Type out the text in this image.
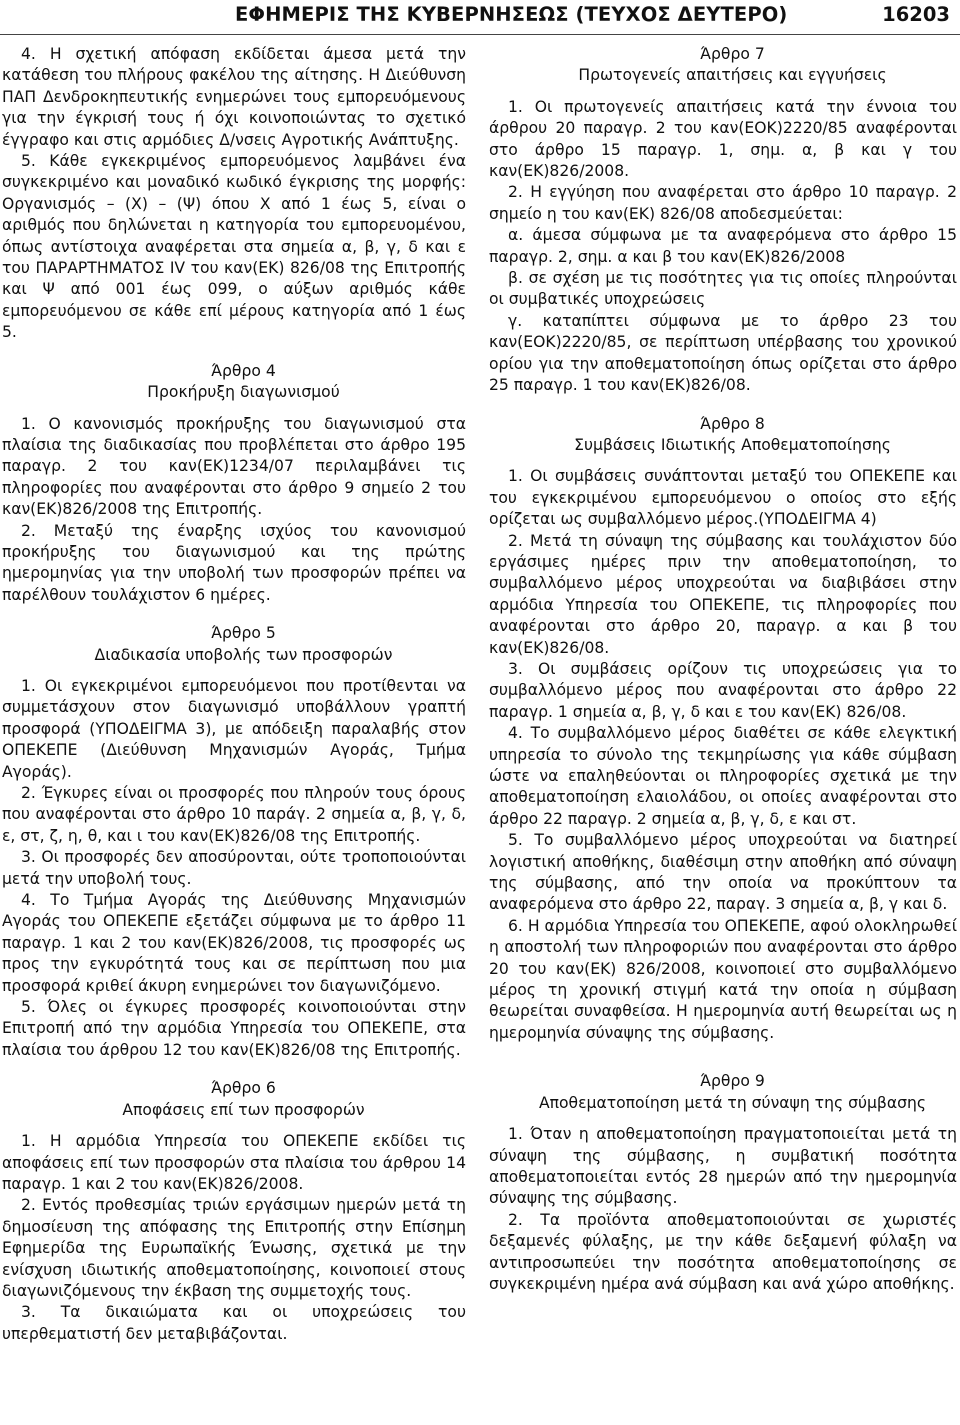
ΕΦΗΜΕΡΙΣ ΤΗΣ ΚΥΒΕΡΝΗΣΕΩΣ (ΤΕΥΧΟΣ ΔΕΥΤΕΡΟ)	16203

4. Η σχετική απόφαση εκδίδεται άμεσα μετά την κατάθεση του πλήρους φακέλου της αίτησης. Η Διεύθυνση ΠΑΠ Δενδροκηπευτικής ενημερώνει τους εμπορευόμενους για την έγκρισή τους ή όχι κοινοποιώντας το σχετικό έγγραφο και στις αρμόδιες Δ/νσεις Αγροτικής Ανάπτυξης.

5. Κάθε εγκεκριμένος εμπορευόμενος λαμβάνει ένα συγκεκριμένο και μοναδικό κωδικό έγκρισης της μορφής: Οργανισμός – (Χ) – (Ψ) όπου Χ από 1 έως 5, είναι ο αριθμός που δηλώνεται η κατηγορία του εμπορευομένου, όπως αντίστοιχα αναφέρεται στα σημεία α, β, γ, δ και ε του ΠΑΡΑΡΤΗΜΑΤΟΣ IV του καν(ΕΚ) 826/08 της Επιτροπής και Ψ από 001 έως 099, ο αύξων αριθμός κάθε εμπορευόμενου σε κάθε επί μέρους κατηγορία από 1 έως 5.

Άρθρο 4

Προκήρυξη διαγωνισμού

1. Ο κανονισμός προκήρυξης του διαγωνισμού στα πλαίσια της διαδικασίας που προβλέπεται στο άρθρο 195 παραγρ. 2 του καν(ΕΚ)1234/07 περιλαμβάνει τις πληροφορίες που αναφέρονται στο άρθρο 9 σημείο 2 του καν(ΕΚ)826/2008 της Επιτροπής.

2. Μεταξύ της έναρξης ισχύος του κανονισμού προκήρυξης του διαγωνισμού και της πρώτης ημερομηνίας για την υποβολή των προσφορών πρέπει να παρέλθουν τουλάχιστον 6 ημέρες.

Άρθρο 5

Διαδικασία υποβολής των προσφορών

1. Οι εγκεκριμένοι εμπορευόμενοι που προτίθενται να συμμετάσχουν στον διαγωνισμό υποβάλλουν γραπτή προσφορά (ΥΠΟΔΕΙΓΜΑ 3), με απόδειξη παραλαβής στον ΟΠΕΚΕΠΕ (Διεύθυνση Μηχανισμών Αγοράς, Τμήμα Αγοράς).

2. Έγκυρες είναι οι προσφορές που πληρούν τους όρους που αναφέρονται στο άρθρο 10 παράγ. 2 σημεία α, β, γ, δ, ε, στ, ζ, η, θ, και ι του καν(ΕΚ)826/08 της Επιτροπής.

3. Οι προσφορές δεν αποσύρονται, ούτε τροποποιούνται μετά την υποβολή τους.

4. Το Τμήμα Αγοράς της Διεύθυνσης Μηχανισμών Αγοράς του ΟΠΕΚΕΠΕ εξετάζει σύμφωνα με το άρθρο 11 παραγρ. 1 και 2 του καν(ΕΚ)826/2008, τις προσφορές ως προς την εγκυρότητά τους και σε περίπτωση που μια προσφορά κριθεί άκυρη ενημερώνει τον διαγωνιζόμενο.

5. Όλες οι έγκυρες προσφορές κοινοποιούνται στην Επιτροπή από την αρμόδια Υπηρεσία του ΟΠΕΚΕΠΕ, στα πλαίσια του άρθρου 12 του καν(ΕΚ)826/08 της Επιτροπής.

Άρθρο 6

Αποφάσεις επί των προσφορών

1. Η αρμόδια Υπηρεσία του ΟΠΕΚΕΠΕ εκδίδει τις αποφάσεις επί των προσφορών στα πλαίσια του άρθρου 14 παραγρ. 1 και 2 του καν(ΕΚ)826/2008.

2. Εντός προθεσμίας τριών εργάσιμων ημερών μετά τη δημοσίευση της απόφασης της Επιτροπής στην Επίσημη Εφημερίδα της Ευρωπαϊκής Ένωσης, σχετικά με την ενίσχυση ιδιωτικής αποθεματοποίησης, κοινοποιεί στους διαγωνιζόμενους την έκβαση της συμμετοχής τους.

3. Τα δικαιώματα και οι υποχρεώσεις του υπερθεματιστή δεν μεταβιβάζονται.

Άρθρο 7

Πρωτογενείς απαιτήσεις και εγγυήσεις

1. Οι πρωτογενείς απαιτήσεις κατά την έννοια του άρθρου 20 παραγρ. 2 του καν(ΕΟΚ)2220/85 αναφέρονται στο άρθρο 15 παραγρ. 1, σημ. α, β και γ του καν(ΕΚ)826/2008.

2. Η εγγύηση που αναφέρεται στο άρθρο 10 παραγρ. 2 σημείο η του καν(ΕΚ) 826/08 αποδεσμεύεται:

α. άμεσα σύμφωνα με τα αναφερόμενα στο άρθρο 15 παραγρ. 2, σημ. α και β του καν(ΕΚ)826/2008

β. σε σχέση με τις ποσότητες για τις οποίες πληρούνται οι συμβατικές υποχρεώσεις

γ. καταπίπτει σύμφωνα με το άρθρο 23 του καν(ΕΟΚ)2220/85, σε περίπτωση υπέρβασης του χρονικού ορίου για την αποθεματοποίηση όπως ορίζεται στο άρθρο 25 παραγρ. 1 του καν(ΕΚ)826/08.

Άρθρο 8

Συμβάσεις Ιδιωτικής Αποθεματοποίησης

1. Οι συμβάσεις συνάπτονται μεταξύ του ΟΠΕΚΕΠΕ και του εγκεκριμένου εμπορευόμενου ο οποίος στο εξής ορίζεται ως συμβαλλόμενο μέρος.(ΥΠΟΔΕΙΓΜΑ 4)

2. Μετά τη σύναψη της σύμβασης και τουλάχιστον δύο εργάσιμες ημέρες πριν την αποθεματοποίηση, το συμβαλλόμενο μέρος υποχρεούται να διαβιβάσει στην αρμόδια Υπηρεσία του ΟΠΕΚΕΠΕ, τις πληροφορίες που αναφέρονται στο άρθρο 20, παραγρ. α και β του καν(ΕΚ)826/08.

3. Οι συμβάσεις ορίζουν τις υποχρεώσεις για το συμβαλλόμενο μέρος που αναφέρονται στο άρθρο 22 παραγρ. 1 σημεία α, β, γ, δ και ε του καν(ΕΚ) 826/08.

4. Το συμβαλλόμενο μέρος διαθέτει σε κάθε ελεγκτική υπηρεσία το σύνολο της τεκμηρίωσης για κάθε σύμβαση ώστε να επαληθεύονται οι πληροφορίες σχετικά με την αποθεματοποίηση ελαιολάδου, οι οποίες αναφέρονται στο άρθρο 22 παραγρ. 2 σημεία α, β, γ, δ, ε και στ.

5. Το συμβαλλόμενο μέρος υποχρεούται να διατηρεί λογιστική αποθήκης, διαθέσιμη στην αποθήκη από σύναψη της σύμβασης, από την οποία να προκύπτουν τα αναφερόμενα στο άρθρο 22, παραγ. 3 σημεία α, β, γ και δ.

6. Η αρμόδια Υπηρεσία του ΟΠΕΚΕΠΕ, αφού ολοκληρωθεί η αποστολή των πληροφοριών που αναφέρονται στο άρθρο 20 του καν(ΕΚ) 826/2008, κοινοποιεί στο συμβαλλόμενο μέρος τη χρονική στιγμή κατά την οποία η σύμβαση θεωρείται συναφθείσα. Η ημερομηνία αυτή θεωρείται ως η ημερομηνία σύναψης της σύμβασης.

Άρθρο 9

Αποθεματοποίηση μετά τη σύναψη της σύμβασης

1. Όταν η αποθεματοποίηση πραγματοποιείται μετά τη σύναψη της σύμβασης, η συμβατική ποσότητα αποθεματοποιείται εντός 28 ημερών από την ημερομηνία σύναψης της σύμβασης.

2. Τα προϊόντα αποθεματοποιούνται σε χωριστές δεξαμενές φύλαξης, με την κάθε δεξαμενή φύλαξη να αντιπροσωπεύει την ποσότητα αποθεματοποίησης σε συγκεκριμένη ημέρα ανά σύμβαση και ανά χώρο αποθήκης.
